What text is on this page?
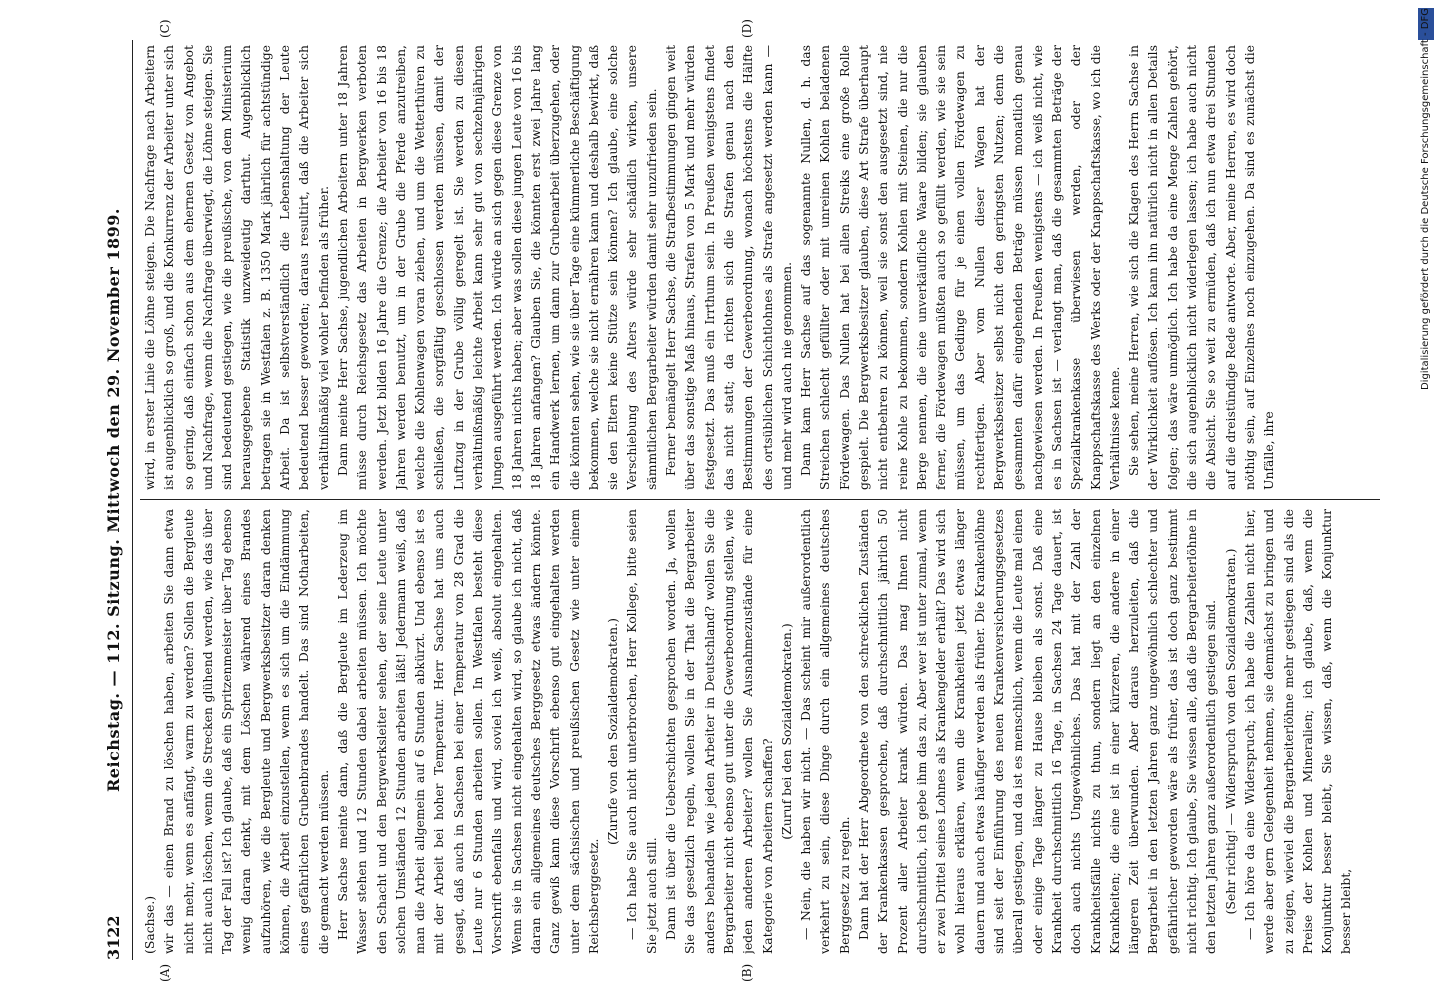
3122
Reichstag. — 112. Sitzung. Mittwoch den 29. November 1899.
(A)	(B)
(C)	(D)

(Sachse.) wir das — einen Brand zu löschen haben, arbeiten Sie dann etwa nicht mehr, wenn es anfängt, warm zu werden? Sollen die Bergleute nicht auch löschen, wenn die Strecken glühend werden, wie das über Tag der Fall ist? Ich glaube, daß ein Spritzenmeister über Tag ebenso wenig daran denkt, mit dem Löschen während eines Brandes aufzuhören, wie die Bergleute und Bergwerksbesitzer daran denken können, die Arbeit einzustellen, wenn es sich um die Eindämmung eines gefährlichen Grubenbrandes handelt. Das sind Notharbeiten, die gemacht werden müssen. Herr Sachse meinte dann, daß die Bergleute im Lederzeug im Wasser stehen und 12 Stunden dabei arbeiten müssen. Ich möchte den Schacht und den Bergwerksleiter sehen, der seine Leute unter solchen Umständen 12 Stunden arbeiten läßt! Jedermann weiß, daß man die Arbeit allgemein auf 6 Stunden abkürzt. Und ebenso ist es mit der Arbeit bei hoher Temperatur. Herr Sachse hat uns auch gesagt, daß auch in Sachsen bei einer Temperatur von 28 Grad die Leute nur 6 Stunden arbeiten sollen. In Westfalen besteht diese Vorschrift ebenfalls und wird, soviel ich weiß, absolut eingehalten. Wenn sie in Sachsen nicht eingehalten wird, so glaube ich nicht, daß daran ein allgemeines deutsches Berggesetz etwas ändern könnte. Ganz gewiß kann diese Vorschrift ebenso gut eingehalten werden unter dem sächsischen und preußischen Gesetz wie unter einem Reichsberggesetz.

(Zurufe von den Sozialdemokraten.) — Ich habe Sie auch nicht unterbrochen, Herr Kollege, bitte seien Sie jetzt auch still. Dann ist über die Ueberschichten gesprochen worden. Ja, wollen Sie das gesetzlich regeln, wollen Sie in der That die Bergarbeiter anders behandeln wie jeden Arbeiter in Deutschland? wollen Sie die Bergarbeiter nicht ebenso gut unter die Gewerbeordnung stellen, wie jeden anderen Arbeiter? wollen Sie Ausnahmezustände für eine Kategorie von Arbeitern schaffen?

(Zuruf bei den Sozialdemokraten.) — Nein, die haben wir nicht. — Das scheint mir außerordentlich verkehrt zu sein, diese Dinge durch ein allgemeines deutsches Berggesetz zu regeln. Dann hat der Herr Abgeordnete von den schrecklichen Zuständen der Krankenkassen gesprochen, daß durchschnittlich jährlich 50 Prozent aller Arbeiter krank würden. Das mag Ihnen nicht durchschnittlich, ich gebe ihm das zu. Aber wer ist unter zumal, wenn er zwei Drittel seines Lohnes als Krankengelder erhält? Das wird sich wohl hieraus erklären, wenn die Krankheiten jetzt etwas länger dauern und auch etwas häufiger werden als früher. Die Krankenlöhne sind seit der Einführung des neuen Krankenversicherungsgesetzes überall gestiegen, und da ist es menschlich, wenn die Leute mal einen oder einige Tage länger zu Hause bleiben als sonst. Daß eine Krankheit durchschnittlich 16 Tage, in Sachsen 24 Tage dauert, ist doch auch nichts Ungewöhnliches. Das hat mit der Zahl der Krankheitsfälle nichts zu thun, sondern liegt an den einzelnen Krankheiten; die eine ist in einer kürzeren, die andere in einer längeren Zeit überwunden. Aber daraus herzuleiten, daß die Bergarbeit in den letzten Jahren ganz ungewöhnlich schlechter und gefährlicher geworden wäre als früher, das ist doch ganz bestimmt nicht richtig. Ich glaube, Sie wissen alle, daß die Bergarbeiterlöhne in den letzten Jahren ganz außerordentlich gestiegen sind. (Sehr richtig! — Widerspruch von den Sozialdemokraten.) — Ich höre da eine Widerspruch; ich habe die Zahlen nicht hier, werde aber gern Gelegenheit nehmen, sie demnächst zu bringen und zu zeigen, wieviel die Bergarbeiterlöhne mehr gestiegen sind als die Preise der Kohlen und Mineralien; ich glaube, daß, wenn die Konjunktur besser bleibt, Sie wissen, daß, wenn die Konjunktur besser bleibt,

wird, in erster Linie die Löhne steigen. Die Nachfrage nach Arbeitern ist augenblicklich so groß, und die Konkurrenz der Arbeiter unter sich so gering, daß einfach schon aus dem ehernen Gesetz von Angebot und Nachfrage, wenn die Nachfrage überwiegt, die Löhne steigen. Sie sind bedeutend gestiegen, wie die preußische, von dem Ministerium herausgegebene Statistik unzweideutig darthut. Augenblicklich betragen sie in Westfalen z. B. 1350 Mark jährlich für achtstündige Arbeit. Da ist selbstverständlich die Lebenshaltung der Leute bedeutend besser geworden; daraus resultirt, daß die Arbeiter sich verhältnißmäßig viel wohler befinden als früher. Dann meinte Herr Sachse, jugendlichen Arbeitern unter 18 Jahren müsse durch Reichsgesetz das Arbeiten in Bergwerken verboten werden. Jetzt bilden 16 Jahre die Grenze; die Arbeiter von 16 bis 18 Jahren werden benutzt, um in der Grube die Pferde anzutreiben, welche die Kohlenwagen voran ziehen, und um die Wetterthüren zu schließen, die sorgfältig geschlossen werden müssen, damit der Luftzug in der Grube völlig geregelt ist. Sie werden zu diesen verhältnißmäßig leichte Arbeit kann sehr gut von sechzehnjährigen Jungen ausgeführt werden. Ich würde an sich gegen diese Grenze von 18 Jahren nichts haben; aber was sollen diese jungen Leute von 16 bis 18 Jahren anfangen? Glauben Sie, die könnten erst zwei Jahre lang ein Handwerk lernen, um dann zur Grubenarbeit überzugehen, oder die könnten sehen, wie sie über Tage eine kümmerliche Beschäftigung bekommen, welche sie nicht ernähren kann und deshalb bewirkt, daß sie den Eltern keine Stütze sein können? Ich glaube, eine solche Verschiebung des Alters würde sehr schädlich wirken, unsere sämmtlichen Bergarbeiter würden damit sehr unzufrieden sein. Ferner bemängelt Herr Sachse, die Strafbestimmungen gingen weit über das sonstige Maß hinaus, Strafen von 5 Mark und mehr würden festgesetzt. Das muß ein Irrthum sein. In Preußen wenigstens findet das nicht statt; da richten sich die Strafen genau nach den Bestimmungen der Gewerbeordnung, wonach höchstens die Hälfte des ortsüblichen Schichtlohnes als Strafe angesetzt werden kann — und mehr wird auch nie genommen. Dann kam Herr Sachse auf das sogenannte Nullen, d. h. das Streichen schlecht gefüllter oder mit unreinen Kohlen beladenen Fördewagen. Das Nullen hat bei allen Streiks eine große Rolle gespielt. Die Bergwerksbesitzer glauben, diese Art Strafe überhaupt nicht entbehren zu können, weil sie sonst den ausgesetzt sind, nie reine Kohle zu bekommen, sondern Kohlen mit Steinen, die nur die Berge nennen, die eine unverkäufliche Waare bilden; sie glauben ferner, die Fördewagen müßten auch so gefüllt werden, wie sie sein müssen, um das Gedinge für je einen vollen Fördewagen zu rechtfertigen. Aber vom Nullen dieser Wagen hat der Bergwerksbesitzer selbst nicht den geringsten Nutzen; denn die gesammten dafür eingehenden Beträge müssen monatlich genau nachgewiesen werden. In Preußen wenigstens — ich weiß nicht, wie es in Sachsen ist — verlangt man, daß die gesammten Beträge der Spezialkrankenkasse überwiesen werden, oder der Knappschaftskasse des Werks oder der Knappschaftskasse, wo ich die Verhältnisse kenne. Sie sehen, meine Herren, wie sich die Klagen des Herrn Sachse in der Wirklichkeit auflösen. Ich kann ihn natürlich nicht in allen Details folgen; das wäre unmöglich. Ich habe da eine Menge Zahlen gehört, die sich augenblicklich nicht widerlegen lassen; ich habe auch nicht die Absicht. Sie so weit zu ermüden, daß ich nun etwa drei Stunden auf die dreistündige Rede antworte. Aber, meine Herren, es wird doch nöthig sein, auf Einzelnes noch einzugehen. Da sind es zunächst die Unfälle, ihre

Digitalisierung gefördert durch die Deutsche Forschungsgemeinschaft - DFG
